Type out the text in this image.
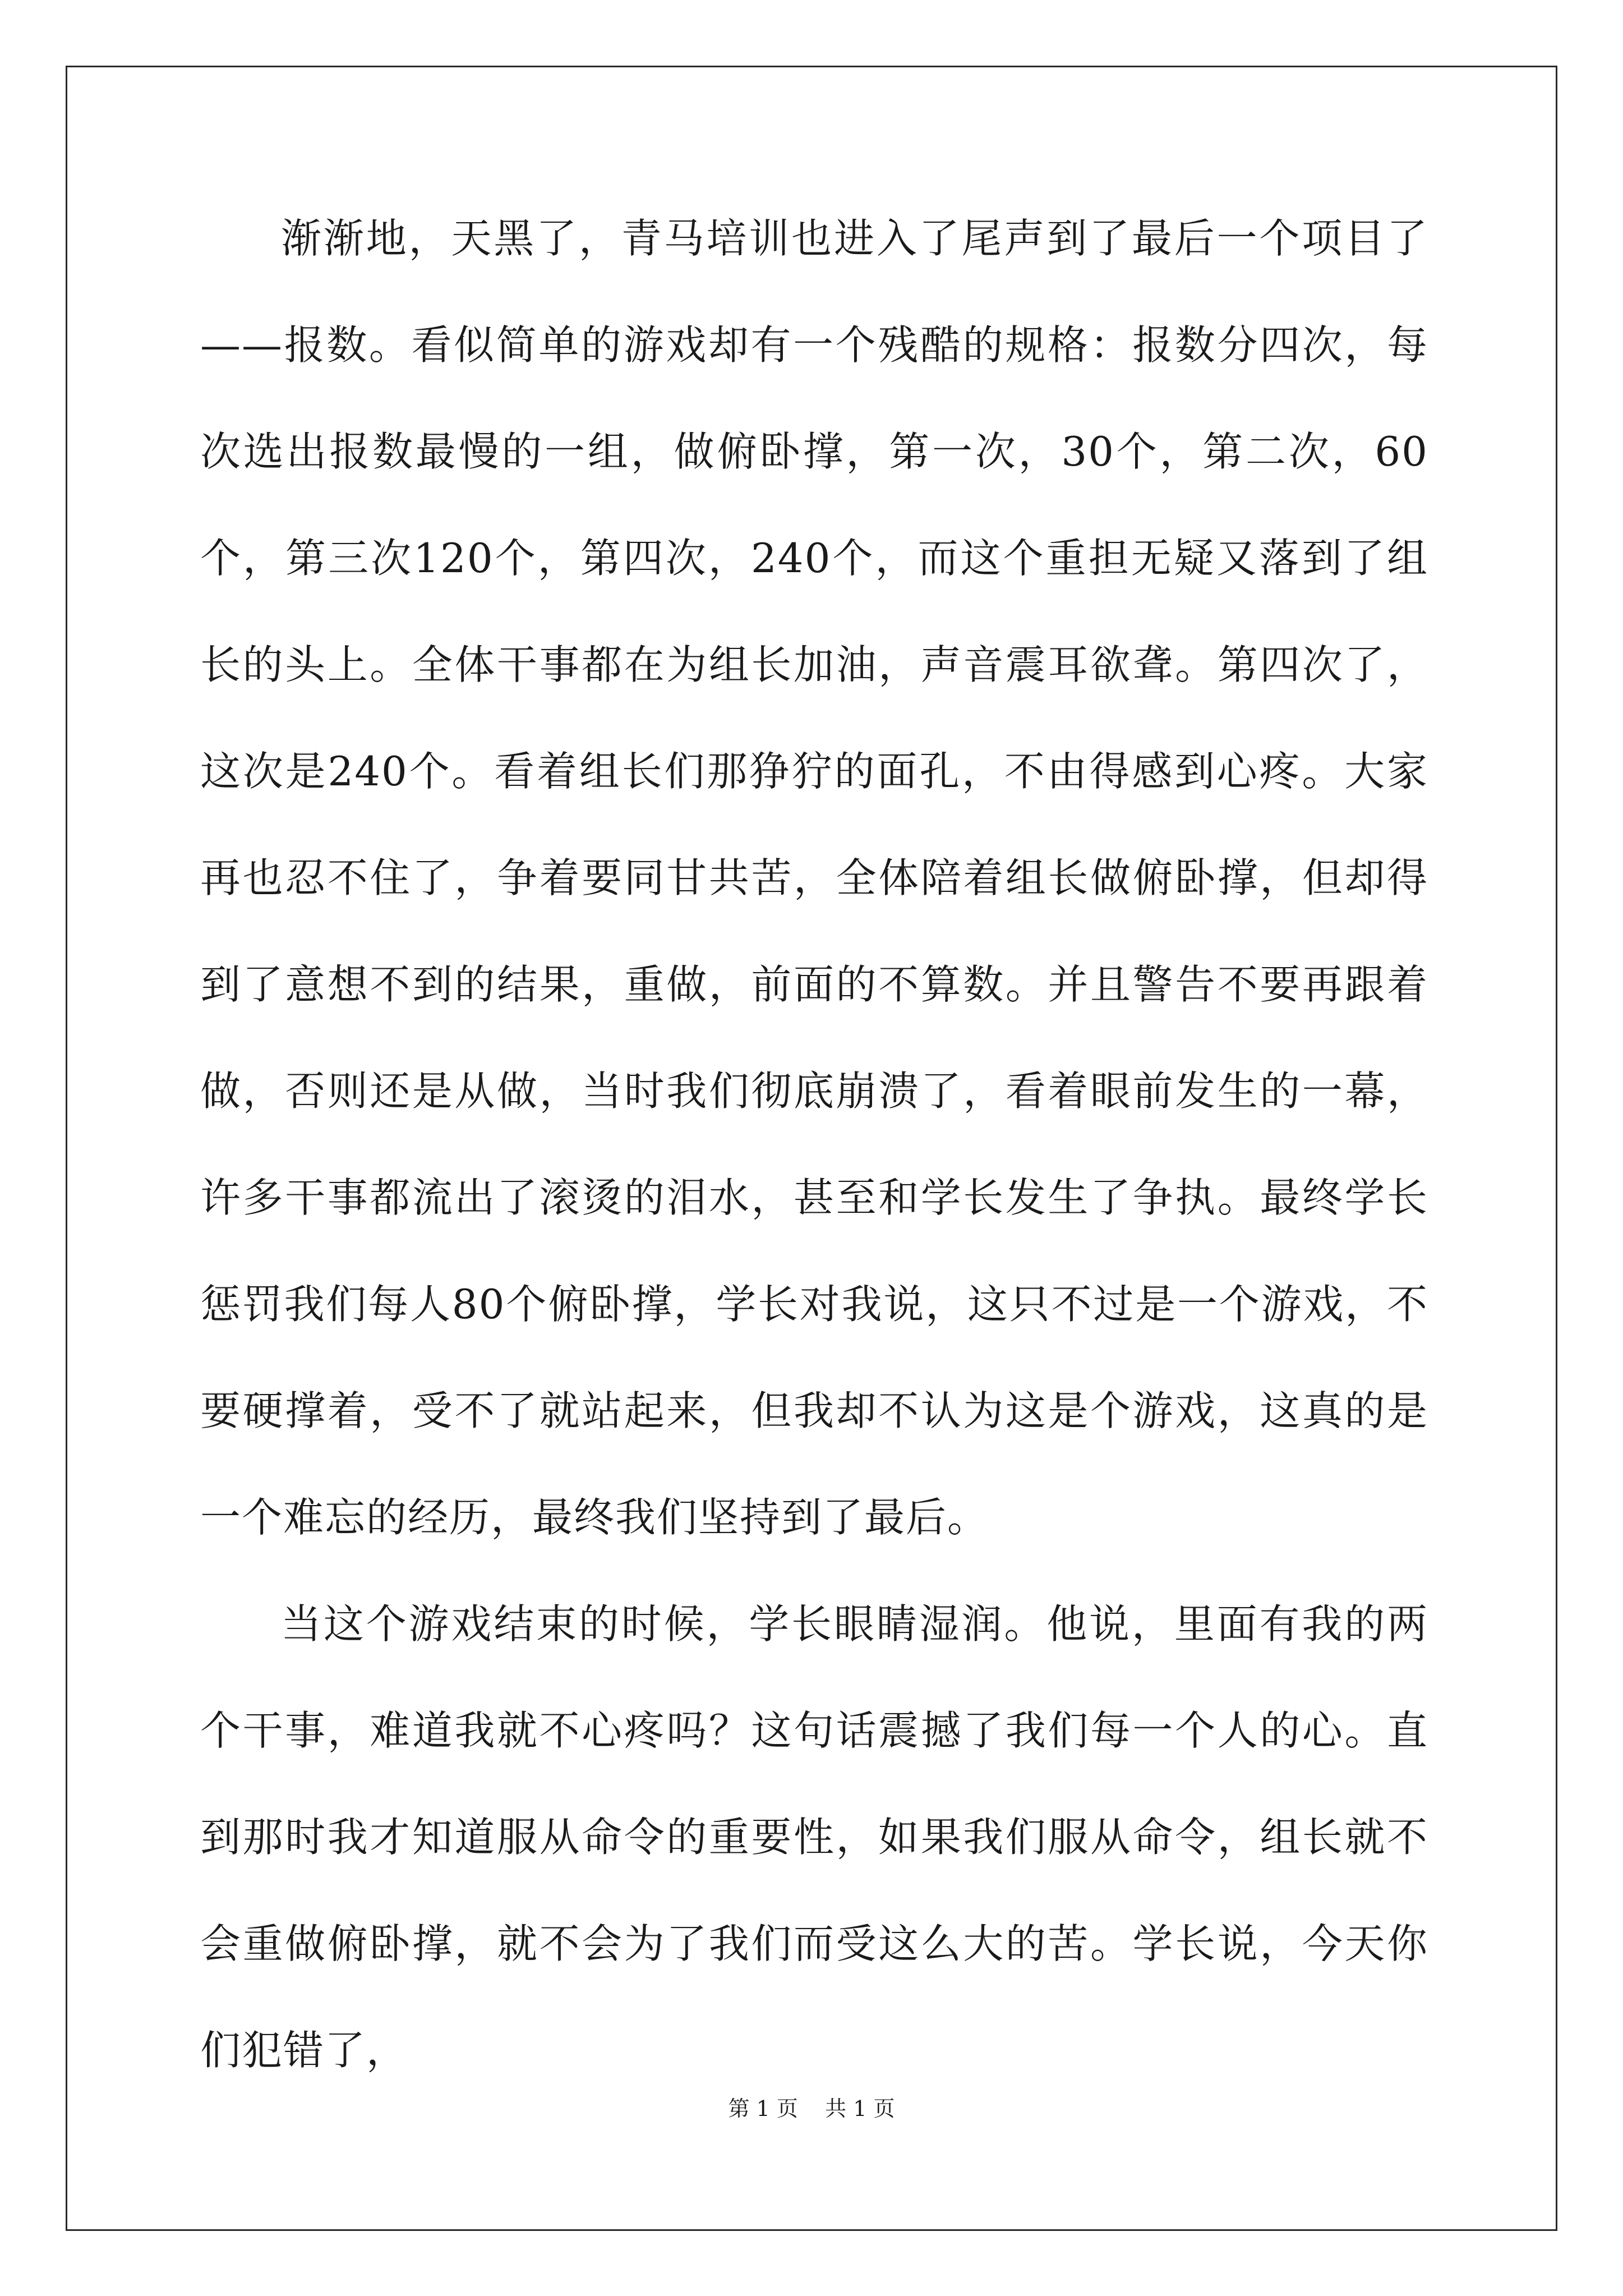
渐渐地，天黑了，青马培训也进入了尾声到了最后一个项目了——报数。看似简单的游戏却有一个残酷的规格：报数分四次，每次选出报数最慢的一组，做俯卧撑，第一次，30个，第二次，60个，第三次120个，第四次，240个，而这个重担无疑又落到了组长的头上。全体干事都在为组长加油，声音震耳欲聋。第四次了，这次是240个。看着组长们那狰狞的面孔，不由得感到心疼。大家再也忍不住了，争着要同甘共苦，全体陪着组长做俯卧撑，但却得到了意想不到的结果，重做，前面的不算数。并且警告不要再跟着做，否则还是从做，当时我们彻底崩溃了，看着眼前发生的一幕，许多干事都流出了滚烫的泪水，甚至和学长发生了争执。最终学长惩罚我们每人80个俯卧撑，学长对我说，这只不过是一个游戏，不要硬撑着，受不了就站起来，但我却不认为这是个游戏，这真的是一个难忘的经历，最终我们坚持到了最后。

当这个游戏结束的时候，学长眼睛湿润。他说，里面有我的两个干事，难道我就不心疼吗？这句话震撼了我们每一个人的心。直到那时我才知道服从命令的重要性，如果我们服从命令，组长就不会重做俯卧撑，就不会为了我们而受这么大的苦。学长说，今天你们犯错了，

第 1 页    共 1 页
